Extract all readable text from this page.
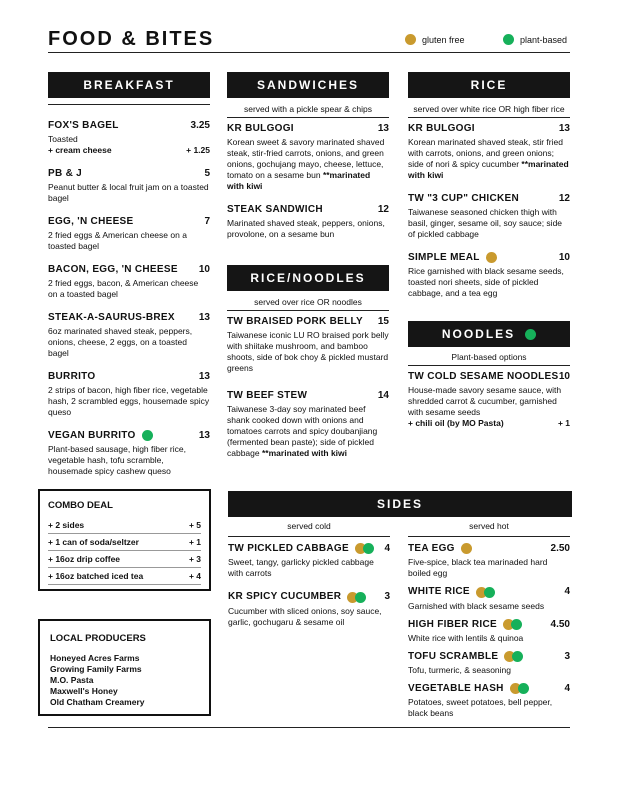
FOOD & BITES	gluten free	plant-based
BREAKFAST
FOX'S BAGEL	3.25
Toasted
+ cream cheese	+ 1.25
PB & J	5
Peanut butter & local fruit jam on a toasted bagel
EGG, 'N CHEESE	7
2 fried eggs & American cheese on a toasted bagel
BACON, EGG, 'N CHEESE 10
2 fried eggs, bacon, & American cheese on a toasted bagel
STEAK-A-SAURUS-BREX 13
6oz marinated shaved steak, peppers, onions, cheese, 2 eggs, on a toasted bagel
BURRITO	13
2 strips of bacon, high fiber rice, vegetable hash, 2 scrambled eggs, housemade spicy queso
VEGAN BURRITO	13
Plant-based sausage, high fiber rice, vegetable hash, tofu scramble, housemade spicy cashew queso
SANDWICHES
served with a pickle spear & chips
KR BULGOGI	13
Korean sweet & savory marinated shaved steak, stir-fried carrots, onions, and green onions, gochujang mayo, cheese, lettuce, tomato on a sesame bun **marinated with kiwi
STEAK SANDWICH	12
Marinated shaved steak, peppers, onions, provolone, on a sesame bun
RICE/NOODLES
served over rice OR noodles
TW BRAISED PORK BELLY 15
Taiwanese iconic LU RO braised pork belly with shiitake mushroom, and bamboo shoots, side of bok choy & pickled mustard greens
TW BEEF STEW	14
Taiwanese 3-day soy marinated beef shank cooked down with onions and tomatoes carrots and spicy doubanjiang (fermented bean paste); side of pickled cabbage **marinated with kiwi
RICE
served over white rice OR high fiber rice
KR BULGOGI	13
Korean marinated shaved steak, stir fried with carrots, onions, and green onions; side of nori & spicy cucumber **marinated with kiwi
TW "3 CUP" CHICKEN	12
Taiwanese seasoned chicken thigh with basil, ginger, sesame oil, soy sauce; side of pickled cabbage
SIMPLE MEAL	10
Rice garnished with black sesame seeds, toasted nori sheets, side of pickled cabbage, and a tea egg
NOODLES
Plant-based options
TW COLD SESAME NOODLES 10
House-made savory sesame sauce, with shredded carrot & cucumber, garnished with sesame seeds
+ chili oil (by MO Pasta)	+ 1
COMBO DEAL
+ 2 sides	+ 5
+ 1 can of soda/seltzer	+ 1
+ 16oz drip coffee	+ 3
+ 16oz batched iced tea	+ 4
LOCAL PRODUCERS
Honeyed Acres Farms
Growing Family Farms
M.O. Pasta
Maxwell's Honey
Old Chatham Creamery
SIDES
served cold	served hot
TW PICKLED CABBAGE	4
Sweet, tangy, garlicky pickled cabbage with carrots
KR SPICY CUCUMBER	3
Cucumber with sliced onions, soy sauce, garlic, gochugaru & sesame oil
TEA EGG	2.50
Five-spice, black tea marinaded hard boiled egg
WHITE RICE	4
Garnished with black sesame seeds
HIGH FIBER RICE	4.50
White rice with lentils & quinoa
TOFU SCRAMBLE	3
Tofu, turmeric, & seasoning
VEGETABLE HASH	4
Potatoes, sweet potatoes, bell pepper, black beans
